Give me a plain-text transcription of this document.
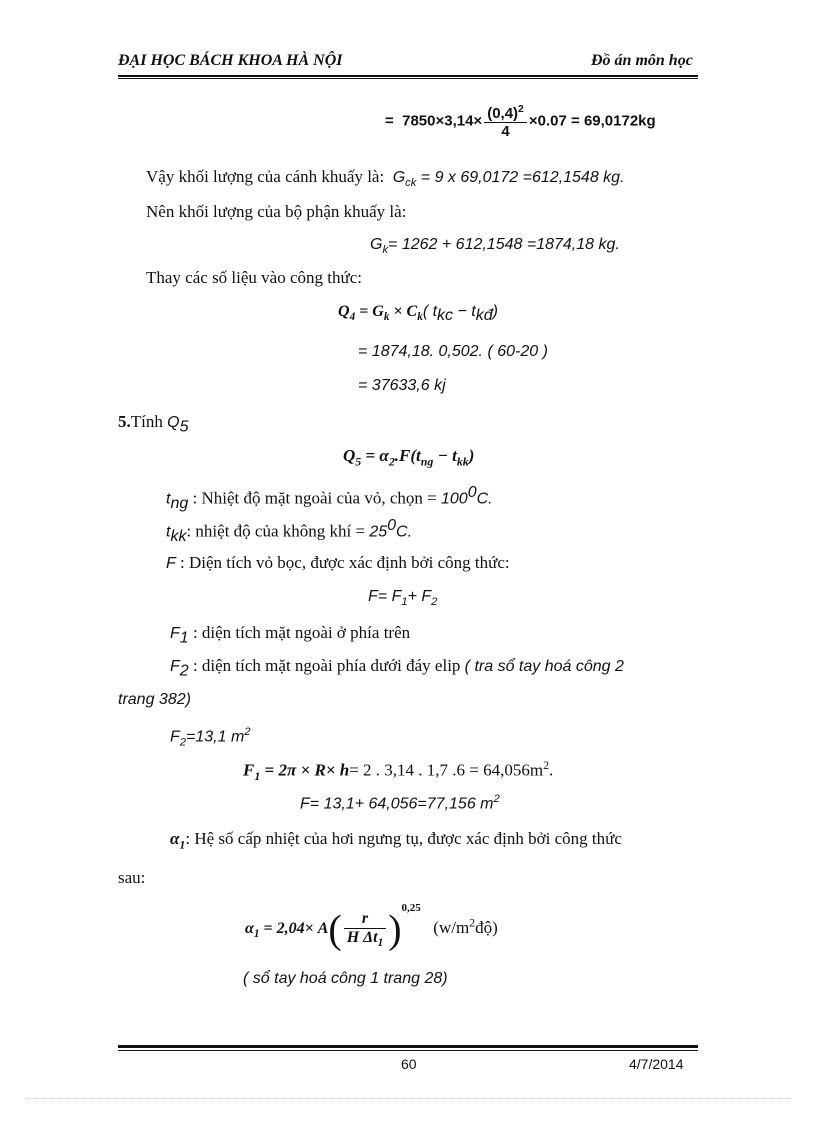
ĐẠI HỌC BÁCH KHOA HÀ NỘI	Đồ án môn học
= $7850\times 3,14\times \frac{(0,4)^2}{4} \times 0.07 = 69,0172kg$
Vậy khối lượng của cánh khuấy là: $G_{ck} = 9$ x 69,0172 =612,1548 kg.
Nên khối lượng của bộ phận khuấy là:
$G_k= 1262 + 612,1548 =1874,18$ kg.
Thay các số liệu vào công thức:
$Q_4 = G_k \times C_k$( $t_{kc} - t_{kđ}$)
= 1874,18. 0,502. ( 60-20 )
= 37633,6 kj
5.Tính $Q_5$
$Q_5 = \alpha_2.F(t_{ng} - t_{kk})$
$t_{ng}$ : Nhiệt độ mặt ngoài của vỏ, chọn = $100^0C$.
$t_{kk}$: nhiệt độ của không khí = $25^0C$.
F : Diện tích vỏ bọc, được xác định bởi công thức:
$F= F_1+ F_2$
$F_1$ : diện tích mặt ngoài ở phía trên
$F_2$ : diện tích mặt ngoài phía dưới đáy elip ( tra sổ tay hoá công 2
trang 382)
$F_2=13,1$ $m^2$
$F_1 = 2\pi \times R\times h= 2$ . 3,14 . 1,7 $.6 = 64,056m^2$.
F= 13,1+ 64,056=77,156 $m^2$
$\alpha_1$: Hệ số cấp nhiệt của hơi ngưng tụ, được xác định bởi công thức
sau:
$\alpha_1 = 2,04\times A( \frac{r}{H \Delta t_1} )^{0,25}$   $(w/m^2độ)$
( sổ tay hoá công 1 trang 28)
60	4/7/2014
